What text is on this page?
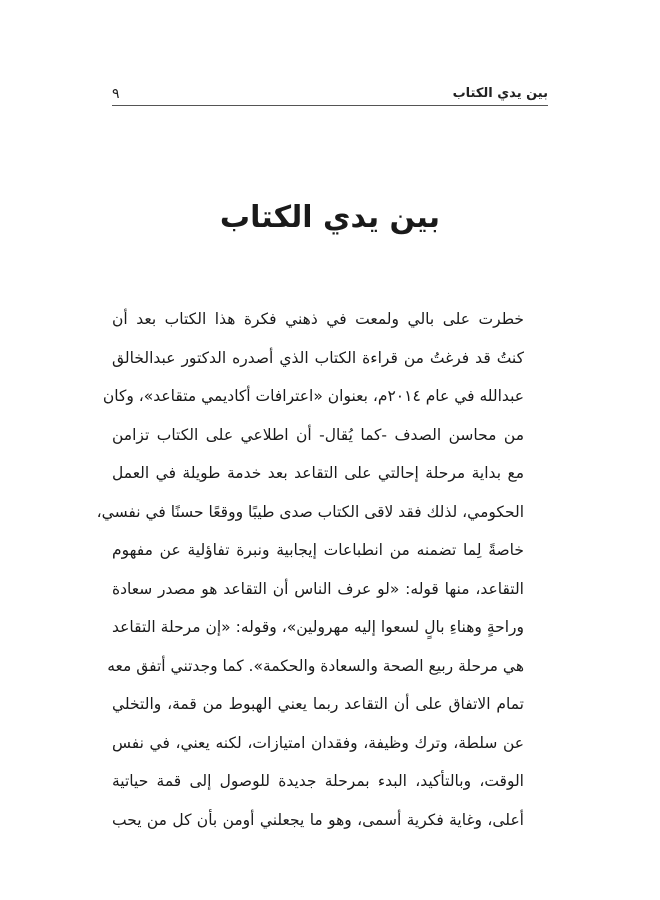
بين يدي الكتاب
٩
بين يدي الكتاب
خطرت على بالي ولمعت في ذهني فكرة هذا الكتاب بعد أن
كنتُ قد فرغتُ من قراءة الكتاب الذي أصدره الدكتور عبدالخالق
عبدالله في عام ٢٠١٤م، بعنوان «اعترافات أكاديمي متقاعد»، وكان
من محاسن الصدف -كما يُقال- أن اطلاعي على الكتاب تزامن
مع بداية مرحلة إحالتي على التقاعد بعد خدمة طويلة في العمل
الحكومي، لذلك فقد لاقى الكتاب صدى طيبًا ووقعًا حسنًا في نفسي،
خاصةً لِما تضمنه من انطباعات إيجابية ونبرة تفاؤلية عن مفهوم
التقاعد، منها قوله: «لو عرف الناس أن التقاعد هو مصدر سعادة
وراحةٍ وهناءِ بالٍ لسعوا إليه مهرولين»، وقوله: «إن مرحلة التقاعد
هي مرحلة ربيع الصحة والسعادة والحكمة». كما وجدتني أتفق معه
تمام الاتفاق على أن التقاعد ربما يعني الهبوط من قمة، والتخلي
عن سلطة، وترك وظيفة، وفقدان امتيازات، لكنه يعني، في نفس
الوقت، وبالتأكيد، البدء بمرحلة جديدة للوصول إلى قمة حياتية
أعلى، وغاية فكرية أسمى، وهو ما يجعلني أومن بأن كل من يحب
